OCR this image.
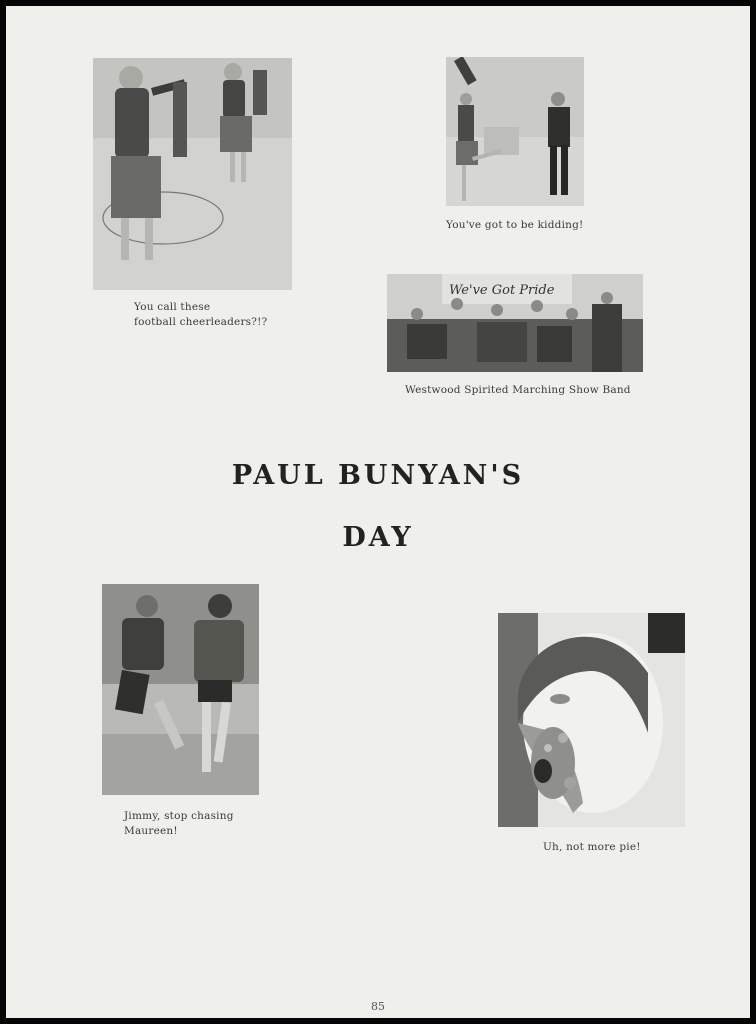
You call these
football cheerleaders?!?
You've got to be kidding!
We've Got Pride
Westwood Spirited Marching Show Band
PAUL BUNYAN'S
DAY
Jimmy, stop chasing
Maureen!
Uh, not more pie!
85
